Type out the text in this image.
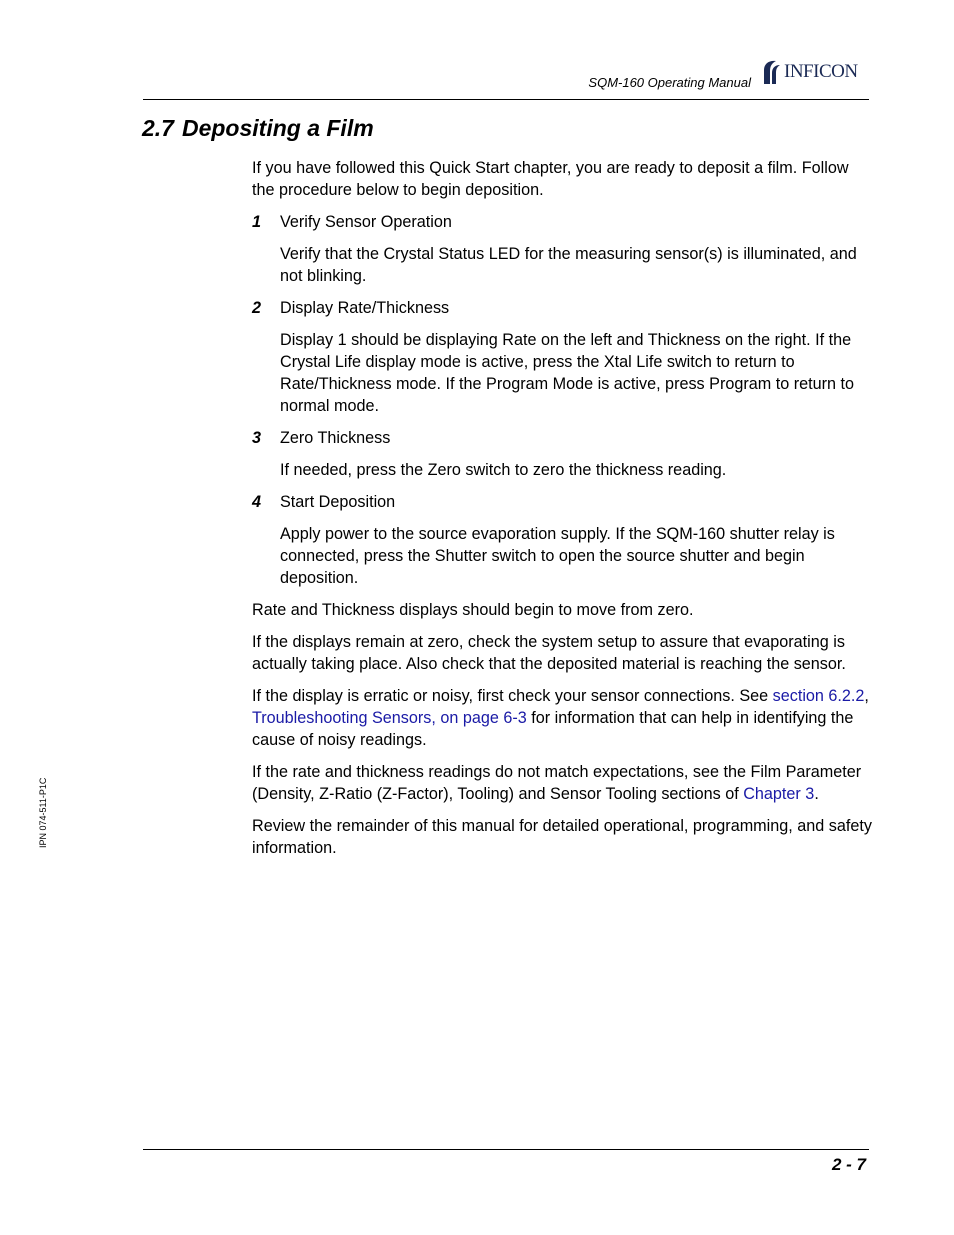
SQM-160 Operating Manual
INFICON
2.7 Depositing a Film

If you have followed this Quick Start chapter, you are ready to deposit a film. Follow the procedure below to begin deposition.

1 Verify Sensor Operation

Verify that the Crystal Status LED for the measuring sensor(s) is illuminated, and not blinking.

2 Display Rate/Thickness

Display 1 should be displaying Rate on the left and Thickness on the right. If the Crystal Life display mode is active, press the Xtal Life switch to return to Rate/Thickness mode. If the Program Mode is active, press Program to return to normal mode.

3 Zero Thickness

If needed, press the Zero switch to zero the thickness reading.

4 Start Deposition

Apply power to the source evaporation supply. If the SQM-160 shutter relay is connected, press the Shutter switch to open the source shutter and begin deposition.

Rate and Thickness displays should begin to move from zero.

If the displays remain at zero, check the system setup to assure that evaporating is actually taking place. Also check that the deposited material is reaching the sensor.

If the display is erratic or noisy, first check your sensor connections. See section 6.2.2, Troubleshooting Sensors, on page 6-3 for information that can help in identifying the cause of noisy readings.

If the rate and thickness readings do not match expectations, see the Film Parameter (Density, Z-Ratio (Z-Factor), Tooling) and Sensor Tooling sections of Chapter 3.

Review the remainder of this manual for detailed operational, programming, and safety information.

IPN 074-511-P1C
2 - 7
